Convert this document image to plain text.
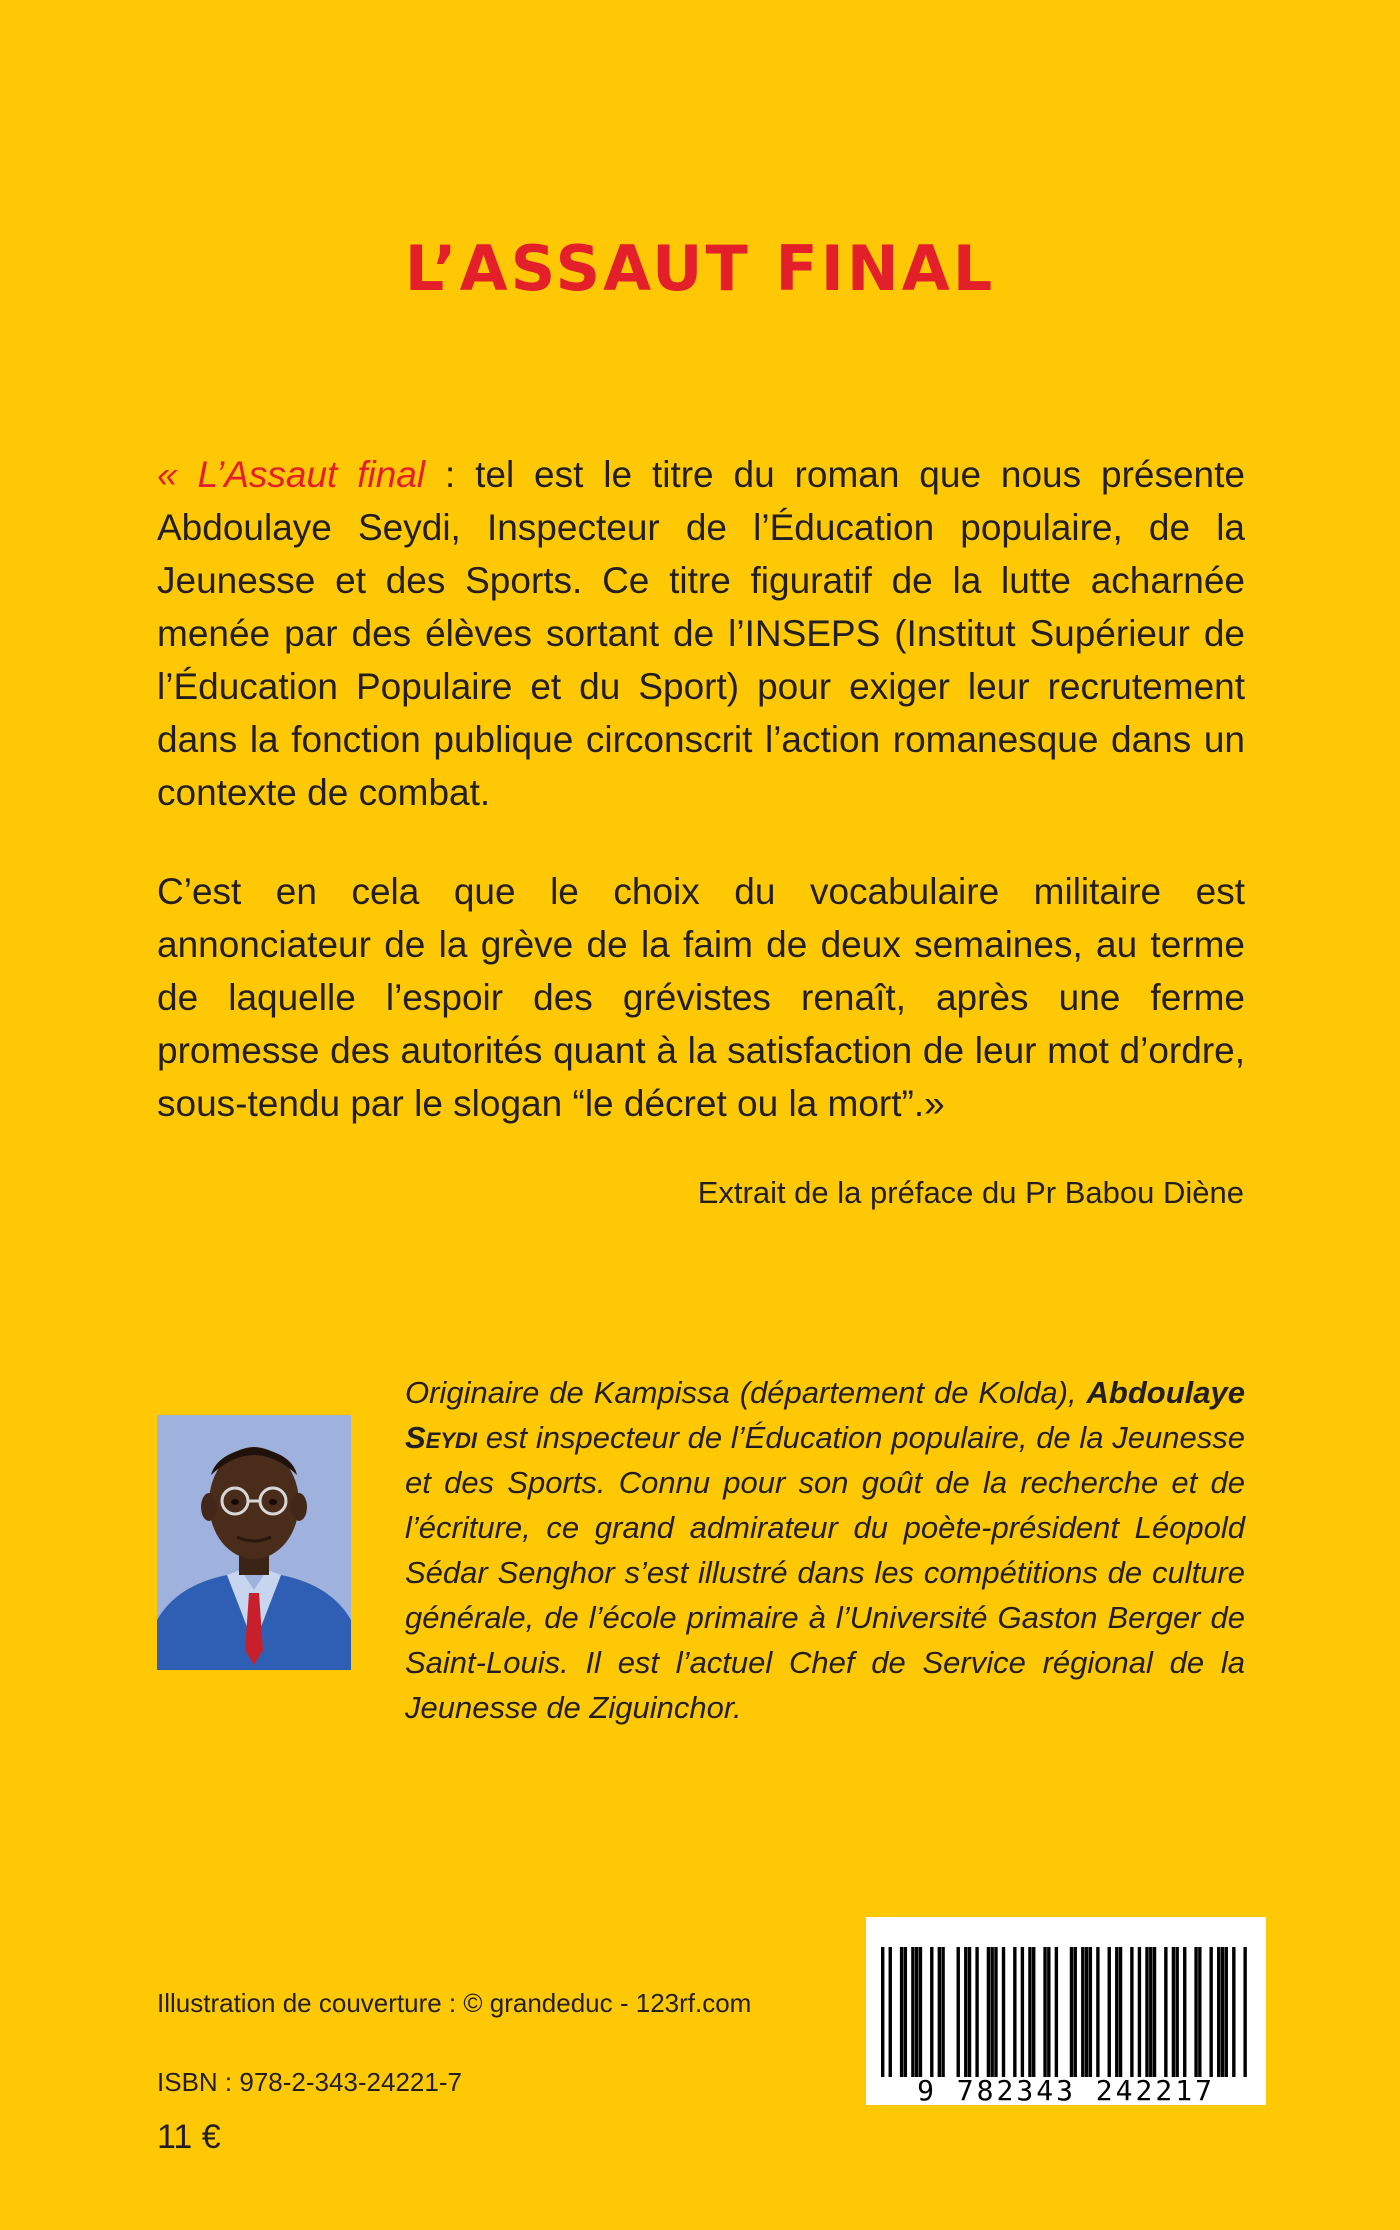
L’ASSAUT FINAL

« L’Assaut final : tel est le titre du roman que nous présente Abdoulaye Seydi, Inspecteur de l’Éducation populaire, de la Jeunesse et des Sports. Ce titre figuratif de la lutte acharnée menée par des élèves sortant de l’INSEPS (Institut Supérieur de l’Éducation Populaire et du Sport) pour exiger leur recrutement dans la fonction publique circonscrit l’action romanesque dans un contexte de combat.

C’est en cela que le choix du vocabulaire militaire est annonciateur de la grève de la faim de deux semaines, au terme de laquelle l’espoir des grévistes renaît, après une ferme promesse des autorités quant à la satisfaction de leur mot d’ordre, sous-tendu par le slogan “le décret ou la mort”.»

Extrait de la préface du Pr Babou Diène

Originaire de Kampissa (département de Kolda), Abdoulaye Seydi est inspecteur de l’Éducation populaire, de la Jeunesse et des Sports. Connu pour son goût de la recherche et de l’écriture, ce grand admirateur du poète-président Léopold Sédar Senghor s’est illustré dans les compétitions de culture générale, de l’école primaire à l’Université Gaston Berger de Saint-Louis. Il est l’actuel Chef de Service régional de la Jeunesse de Ziguinchor.

Illustration de couverture : © grandeduc - 123rf.com

ISBN : 978-2-343-24221-7

11 €

9 782343 242217
